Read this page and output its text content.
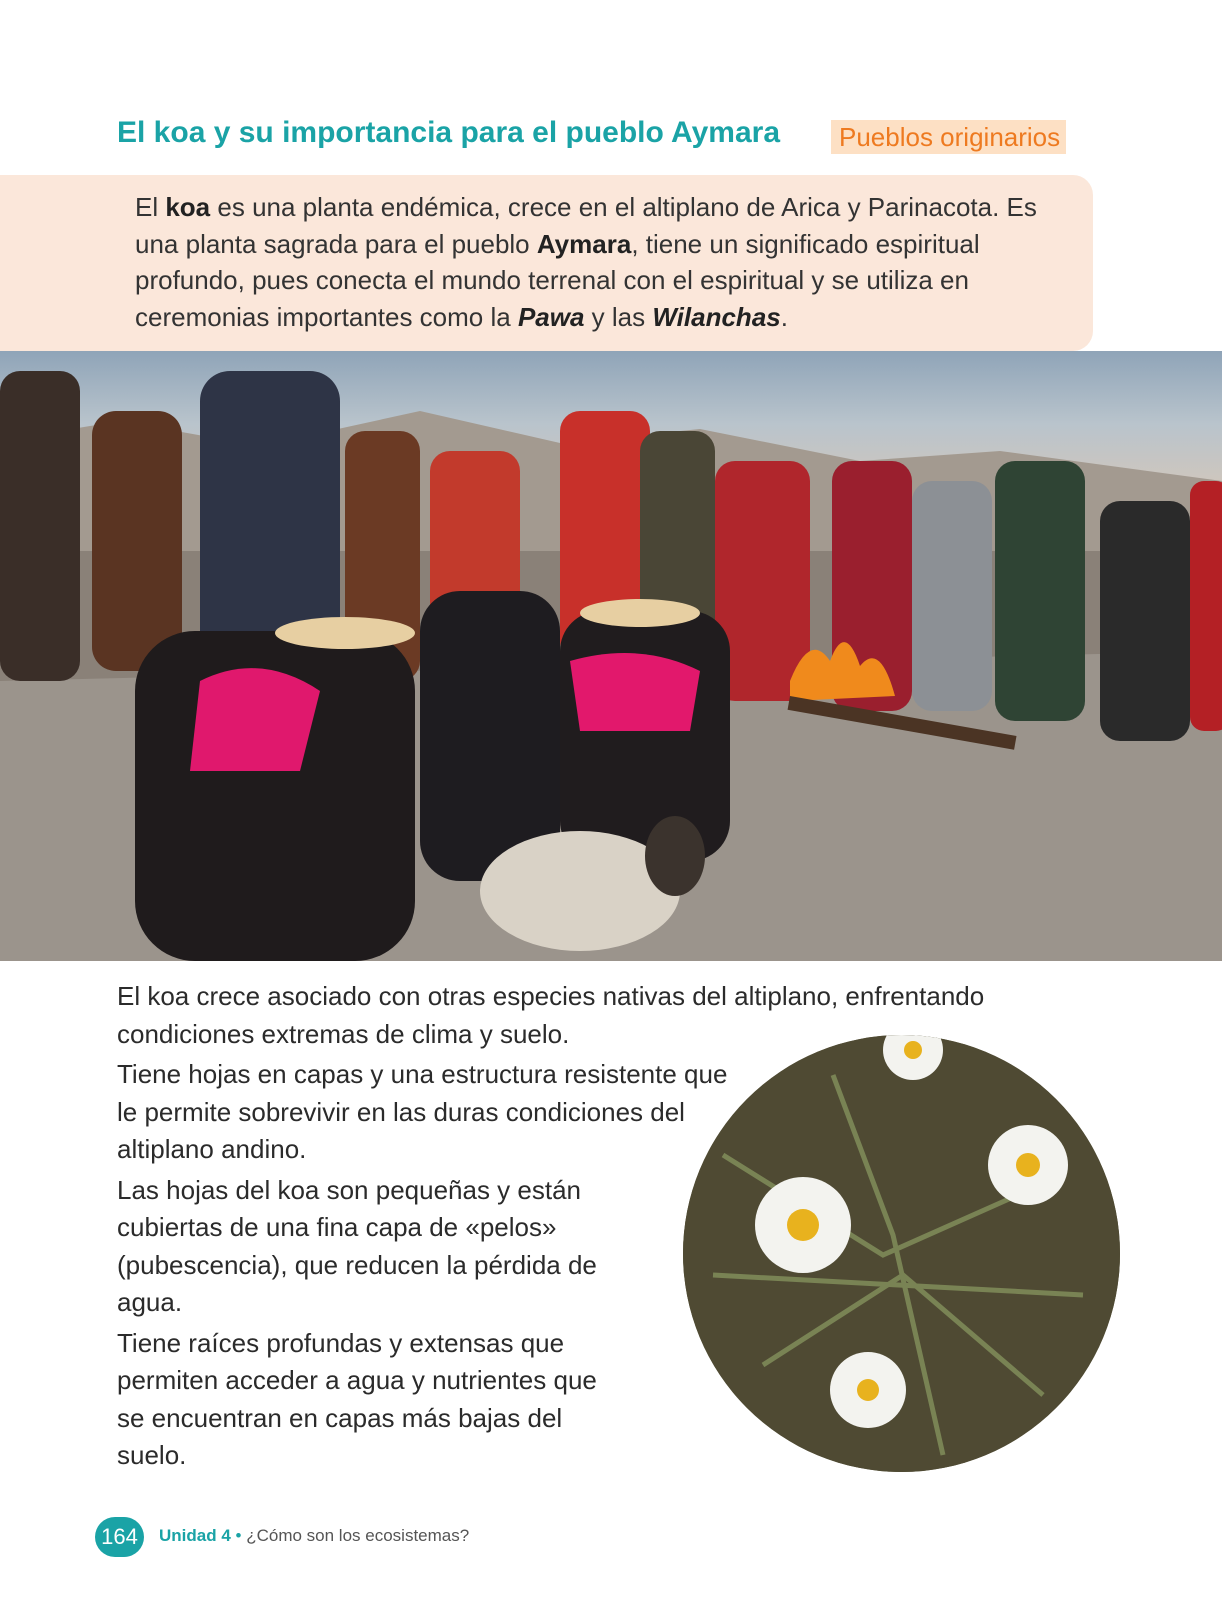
El koa y su importancia para el pueblo Aymara	Pueblos originarios

El koa es una planta endémica, crece en el altiplano de Arica y Parinacota. Es una planta sagrada para el pueblo Aymara, tiene un significado espiritual profundo, pues conecta el mundo terrenal con el espiritual y se utiliza en ceremonias importantes como la Pawa y las Wilanchas.

El koa crece asociado con otras especies nativas del altiplano, enfrentando condiciones extremas de clima y suelo.

Tiene hojas en capas y una estructura resistente que le permite sobrevivir en las duras condiciones del altiplano andino.

Las hojas del koa son pequeñas y están cubiertas de una fina capa de «pelos» (pubescencia), que reducen la pérdida de agua.

Tiene raíces profundas y extensas que permiten acceder a agua y nutrientes que se encuentran en capas más bajas del suelo.

164	Unidad 4 • ¿Cómo son los ecosistemas?
